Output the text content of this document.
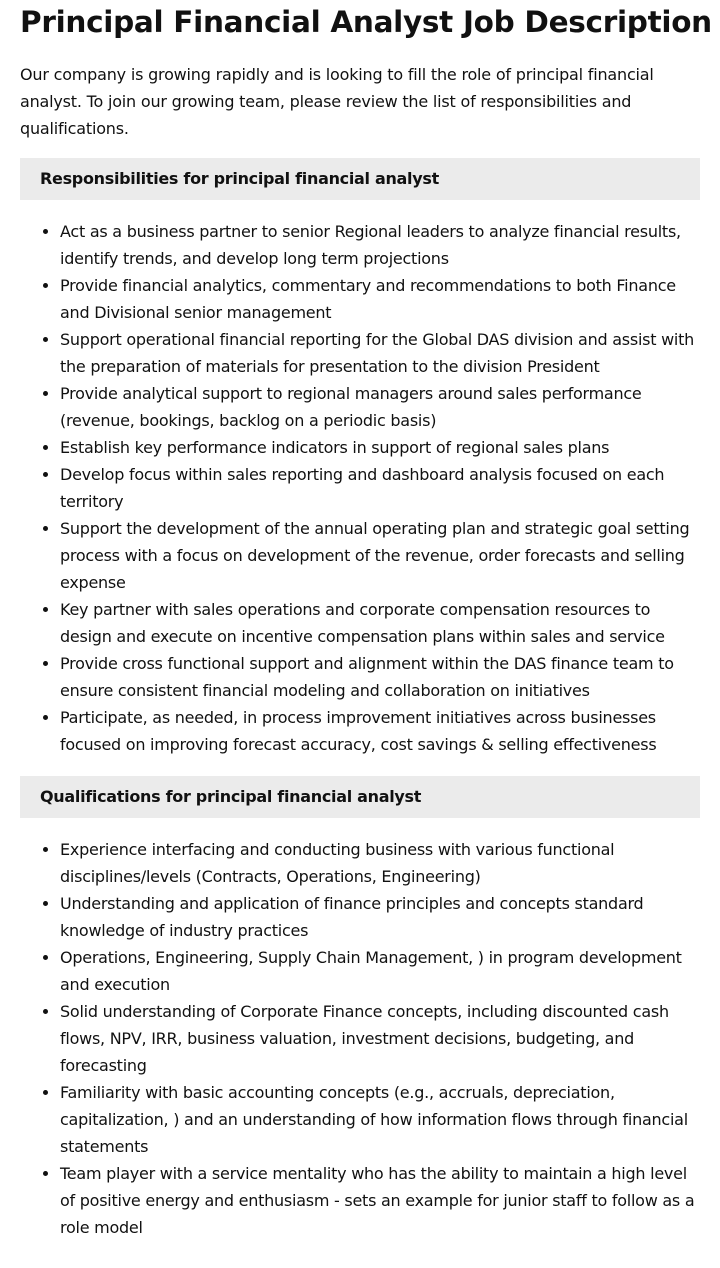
Principal Financial Analyst Job Description

Our company is growing rapidly and is looking to fill the role of principal financial analyst. To join our growing team, please review the list of responsibilities and qualifications.

Responsibilities for principal financial analyst
• Act as a business partner to senior Regional leaders to analyze financial results, identify trends, and develop long term projections
• Provide financial analytics, commentary and recommendations to both Finance and Divisional senior management
• Support operational financial reporting for the Global DAS division and assist with the preparation of materials for presentation to the division President
• Provide analytical support to regional managers around sales performance (revenue, bookings, backlog on a periodic basis)
• Establish key performance indicators in support of regional sales plans
• Develop focus within sales reporting and dashboard analysis focused on each territory
• Support the development of the annual operating plan and strategic goal setting process with a focus on development of the revenue, order forecasts and selling expense
• Key partner with sales operations and corporate compensation resources to design and execute on incentive compensation plans within sales and service
• Provide cross functional support and alignment within the DAS finance team to ensure consistent financial modeling and collaboration on initiatives
• Participate, as needed, in process improvement initiatives across businesses focused on improving forecast accuracy, cost savings & selling effectiveness
Qualifications for principal financial analyst
• Experience interfacing and conducting business with various functional disciplines/levels (Contracts, Operations, Engineering)
• Understanding and application of finance principles and concepts standard knowledge of industry practices
• Operations, Engineering, Supply Chain Management, ) in program development and execution
• Solid understanding of Corporate Finance concepts, including discounted cash flows, NPV, IRR, business valuation, investment decisions, budgeting, and forecasting
• Familiarity with basic accounting concepts (e.g., accruals, depreciation, capitalization, ) and an understanding of how information flows through financial statements
• Team player with a service mentality who has the ability to maintain a high level of positive energy and enthusiasm - sets an example for junior staff to follow as a role model
